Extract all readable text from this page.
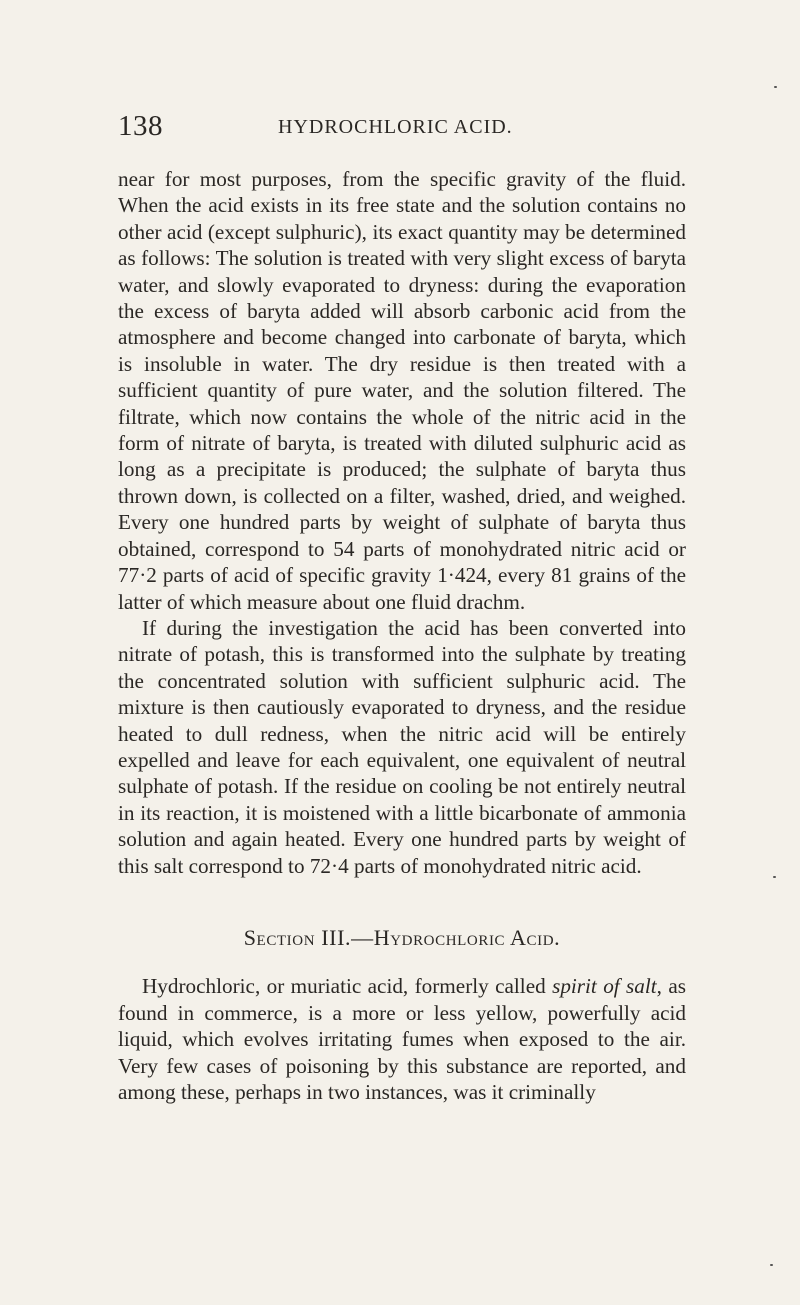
138	HYDROCHLORIC ACID.

near for most purposes, from the specific gravity of the fluid. When the acid exists in its free state and the solution contains no other acid (except sulphuric), its exact quantity may be determined as follows: The solution is treated with very slight excess of baryta water, and slowly evaporated to dryness: during the evaporation the excess of baryta added will absorb carbonic acid from the atmosphere and become changed into carbonate of baryta, which is insoluble in water. The dry residue is then treated with a sufficient quantity of pure water, and the solution filtered. The filtrate, which now contains the whole of the nitric acid in the form of nitrate of baryta, is treated with diluted sulphuric acid as long as a precipitate is produced; the sulphate of baryta thus thrown down, is collected on a filter, washed, dried, and weighed. Every one hundred parts by weight of sulphate of baryta thus obtained, correspond to 54 parts of monohydrated nitric acid or 77·2 parts of acid of specific gravity 1·424, every 81 grains of the latter of which measure about one fluid drachm.

If during the investigation the acid has been converted into nitrate of potash, this is transformed into the sulphate by treating the concentrated solution with sufficient sulphuric acid. The mixture is then cautiously evaporated to dryness, and the residue heated to dull redness, when the nitric acid will be entirely expelled and leave for each equivalent, one equivalent of neutral sulphate of potash. If the residue on cooling be not entirely neutral in its reaction, it is moistened with a little bicarbonate of ammonia solution and again heated. Every one hundred parts by weight of this salt correspond to 72·4 parts of monohydrated nitric acid.

Section III.—Hydrochloric Acid.

Hydrochloric, or muriatic acid, formerly called spirit of salt, as found in commerce, is a more or less yellow, powerfully acid liquid, which evolves irritating fumes when exposed to the air. Very few cases of poisoning by this substance are reported, and among these, perhaps in two instances, was it criminally
